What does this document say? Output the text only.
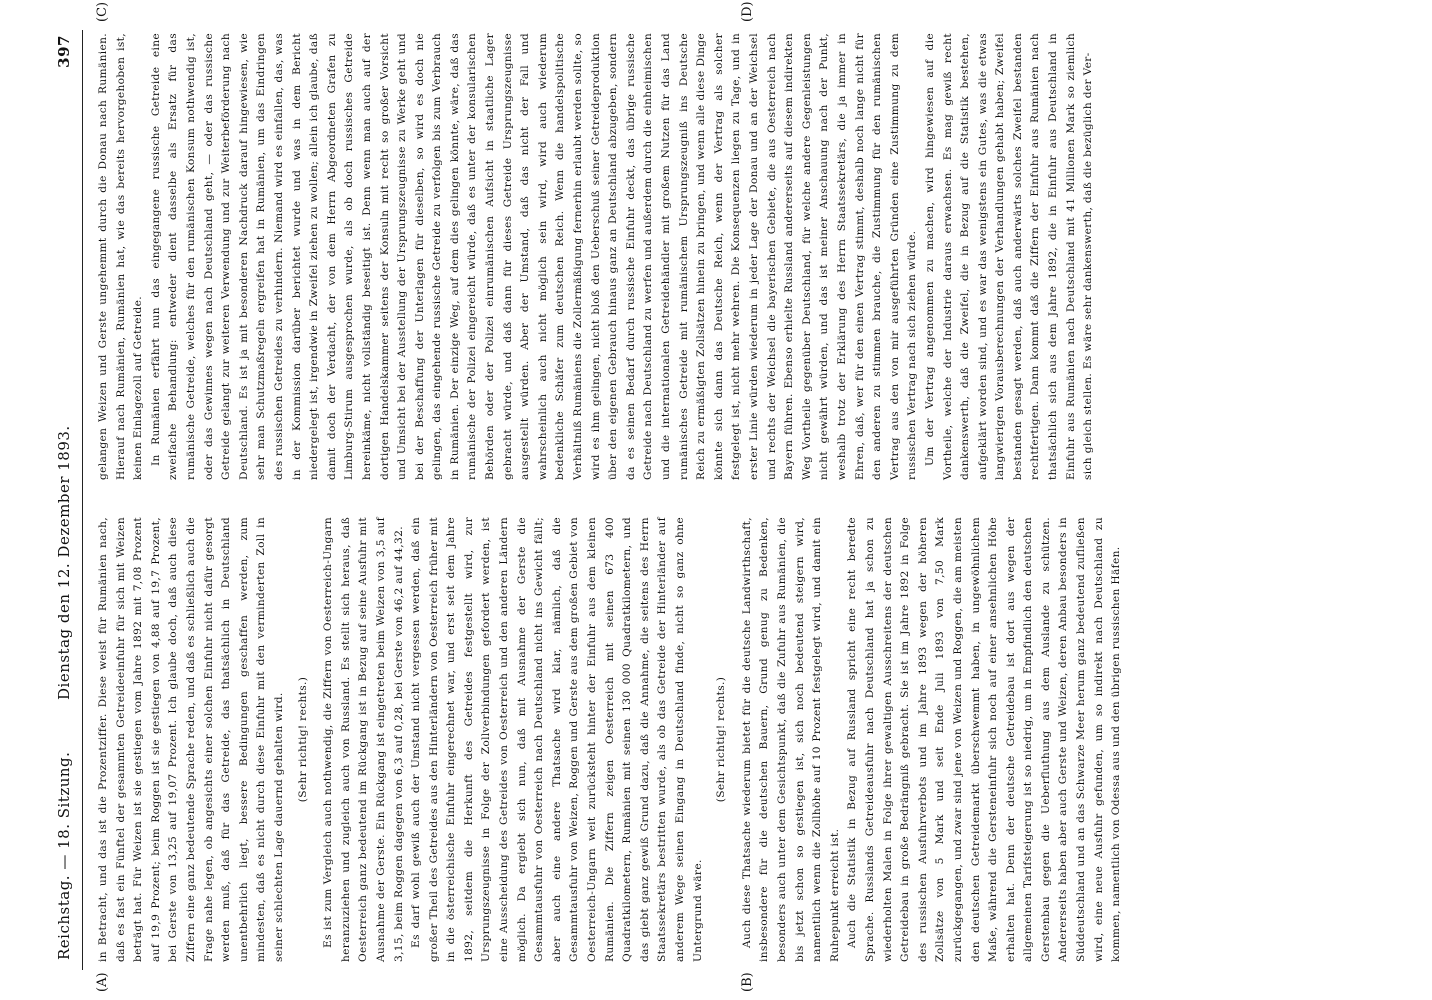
Reichstag. — 18. Sitzung.
Dienstag den 12. Dezember 1893.
397
(A)	(B)
(C)	(D)

in Betracht, und das ist die Prozentziffer. Diese weist für Rumänien nach, daß es fast ein Fünftel der gesammten Getreideeinfuhr für sich mit Weizen beträgt hat. Für Weizen ist sie gestiegen vom Jahre 1892 mit 7,08 Prozent auf 19,9 Prozent; beim Roggen ist sie gestiegen von 4,88 auf 19,7 Prozent, bei Gerste von 13,25 auf 19,07 Prozent. Ich glaube doch, daß auch diese Ziffern eine ganz bedeutende Sprache reden, und daß es schließlich auch die Frage nahe legen, ob angesichts einer solchen Einfuhr nicht dafür gesorgt werden muß, daß für das Getreide, das thatsächlich in Deutschland unentbehrlich liegt, bessere Bedingungen geschaffen werden, zum mindesten, daß es nicht durch diese Einfuhr mit den verminderten Zoll in seiner schlechten Lage dauernd gehalten wird.	(Sehr richtig! rechts.)	Es ist zum Vergleich auch nothwendig, die Ziffern von Oesterreich-Ungarn heranzuziehen und zugleich auch von Russland. Es stellt sich heraus, daß Oesterreich ganz bedeutend im Rückgang ist in Bezug auf seine Ausfuhr mit Ausnahme der Gerste. Ein Rückgang ist eingetreten beim Weizen von 3,5 auf 3,15, beim Roggen dagegen von 6,3 auf 0,28, bei Gerste von 46,2 auf 44,32. Es darf wohl gewiß auch der Umstand nicht vergessen werden, daß ein großer Theil des Getreides aus den Hinterländern von Oesterreich früher mit in die österreichische Einfuhr eingerechnet war, und erst seit dem Jahre 1892, seitdem die Herkunft des Getreides festgestellt wird, zur Ursprungszeugnisse in Folge der Zollverbindungen gefordert werden, ist eine Ausscheidung des Getreides von Oesterreich und den anderen Ländern möglich. Da ergiebt sich nun, daß mit Ausnahme der Gerste die Gesammtausfuhr von Oesterreich nach Deutschland nicht ins Gewicht fällt; aber auch eine andere Thatsache wird klar, nämlich, daß die Gesammtausfuhr von Weizen, Roggen und Gerste aus dem großen Gebiet von Oesterreich-Ungarn weit zurücksteht hinter der Einfuhr aus dem kleinen Rumänien. Die Ziffern zeigen Oesterreich mit seinen 673 400 Quadratkilometern, Rumänien mit seinen 130 000 Quadratkilometern, und das giebt ganz gewiß Grund dazu, daß die Annahme, die seitens des Herrn Staatssekretärs bestritten wurde, als ob das Getreide der Hinterländer auf anderem Wege seinen Eingang in Deutschland finde, nicht so ganz ohne Untergrund wäre.

(Sehr richtig! rechts.)	Auch diese Thatsache wiederum bietet für die deutsche Landwirthschaft, insbesondere für die deutschen Bauern, Grund genug zu Bedenken, besonders auch unter dem Gesichtspunkt, daß die Zufuhr aus Rumänien, die bis jetzt schon so gestiegen ist, sich noch bedeutend steigern wird, namentlich wenn die Zollhöhe auf 10 Prozent festgelegt wird, und damit ein Ruhepunkt erreicht ist. Auch die Statistik in Bezug auf Russland spricht eine recht beredte Sprache. Russlands Getreideausfuhr nach Deutschland hat ja schon zu wiederholten Malen in Folge ihrer gewaltigen Ausschreitens der deutschen Getreidebau in große Bedrängniß gebracht. Sie ist im Jahre 1892 in Folge des russischen Ausfuhrverbots und im Jahre 1893 wegen der höheren Zollsätze von 5 Mark und seit Ende Juli 1893 von 7,50 Mark zurückgegangen, und zwar sind jene von Weizen und Roggen, die am meisten den deutschen Getreidemarkt überschwemmt haben, in ungewöhnlichem Maße, während die Gersteneinfuhr sich noch auf einer ansehnlichen Höhe erhalten hat. Denn der deutsche Getreidebau ist dort aus wegen der allgemeinen Tarifsteigerung ist so niedrig, um in Empfindlich den deutschen Gerstenbau gegen die Ueberfluthung aus dem Auslande zu schützen. Andererseits haben aber auch Gerste und Weizen, deren Anbau besonders in Süddeutschland und an das Schwarze Meer herum ganz bedeutend zufließen wird, eine neue Ausfuhr gefunden, um so indirekt nach Deutschland zu kommen, namentlich von Odessa aus und den übrigen russischen Häfen.

gelangen Weizen und Gerste ungehemmt durch die Donau nach Rumänien. Hierauf nach Rumänien, Rumänien hat, wie das bereits hervorgehoben ist, keinen Einlagezoll auf Getreide. In Rumänien erfährt nun das eingegangene russische Getreide eine zweifache Behandlung: entweder dient dasselbe als Ersatz für das rumänische Getreide, welches für den rumänischen Konsum nothwendig ist, oder das Gewinnes wegen nach Deutschland geht, — oder das russische Getreide gelangt zur weiteren Verwendung und zur Weiterbeförderung nach Deutschland. Es ist ja mit besonderen Nachdruck darauf hingewiesen, wie sehr man Schutzmaßregeln ergreifen hat in Rumänien, um das Eindringen des russischen Getreides zu verhindern. Niemand wird es einfallen, das, was in der Kommission darüber berichtet wurde und was in dem Bericht niedergelegt ist, irgendwie in Zweifel ziehen zu wollen; allein ich glaube, daß damit doch der Verdacht, der von dem Herrn Abgeordneten Grafen zu Limburg-Stirum ausgesprochen wurde, als ob doch russisches Getreide hereinkäme, nicht vollständig beseitigt ist. Denn wenn man auch auf der dortigen Handelskammer seitens der Konsuln mit recht so großer Vorsicht und Umsicht bei der Ausstellung der Ursprungszeugnisse zu Werke geht und bei der Beschaffung der Unterlagen für dieselben, so wird es doch nie gelingen, das eingehende russische Getreide zu verfolgen bis zum Verbrauch in Rumänien. Der einzige Weg, auf dem dies gelingen könnte, wäre, daß das rumänische der Polizei eingereicht würde, daß es unter der konsularischen Behörden oder der Polizei einrumänischen Aufsicht in staatliche Lager gebracht würde, und daß dann für dieses Getreide Ursprungszeugnisse ausgestellt würden. Aber der Umstand, daß das nicht der Fall und wahrscheinlich auch nicht möglich sein wird, wird auch wiederum bedenkliche Schäfer zum deutschen Reich. Wenn die handelspolitische Verhältniß Rumäniens die Zollermäßigung fernerhin erlaubt werden sollte, so wird es ihm gelingen, nicht bloß den Ueberschuß seiner Getreideproduktion über den eigenen Gebrauch hinaus ganz an Deutschland abzugeben, sondern da es seinen Bedarf durch russische Einfuhr deckt, das übrige russische Getreide nach Deutschland zu werfen und außerdem durch die einheimischen und die internationalen Getreidehändler mit großem Nutzen für das Land rumänisches Getreide mit rumänischem Ursprungszeugniß ins Deutsche Reich zu ermäßigten Zollsätzen hinein zu bringen, und wenn alle diese Dinge könnte sich dann das Deutsche Reich, wenn der Vertrag als solcher festgelegt ist, nicht mehr wehren. Die Konsequenzen liegen zu Tage, und in erster Linie würden wiederum in jeder Lage der Donau und an der Weichsel und rechts der Weichsel die bayerischen Gebiete, die aus Oesterreich nach Bayern führen. Ebenso erhielte Russland andererseits auf diesem indirekten Weg Vortheile gegenüber Deutschland, für welche andere Gegenleistungen nicht gewährt würden, und das ist meiner Anschauung nach der Punkt, weshalb trotz der Erklärung des Herrn Staatssekretärs, die ja immer in Ehren, daß, wer für den einen Vertrag stimmt, deshalb noch lange nicht für den anderen zu stimmen brauche, die Zustimmung für den rumänischen Vertrag aus den von mir ausgeführten Gründen eine Zustimmung zu dem russischen Vertrag nach sich ziehen würde. Um der Vertrag angenommen zu machen, wird hingewiesen auf die Vortheile, welche der Industrie daraus erwachsen. Es mag gewiß recht dankenswerth, daß die Zweifel, die in Bezug auf die Statistik bestehen, aufgeklärt worden sind, und es war das wenigstens ein Gutes, was die etwas langwierigen Vorausberechnungen der Verhandlungen gehabt haben; Zweifel bestanden gesagt werden, daß auch anderwärts solches Zweifel bestanden rechtfertigen. Dann kommt daß die Ziffern der Einfuhr aus Rumänien nach thatsächlich sich aus dem Jahre 1892, die in Einfuhr aus Deutschland in Einfuhr aus Rumänien nach Deutschland mit 41 Millionen Mark so ziemlich sich gleich stellen. Es wäre sehr dankenswerth, daß die bezüglich der Ver-
